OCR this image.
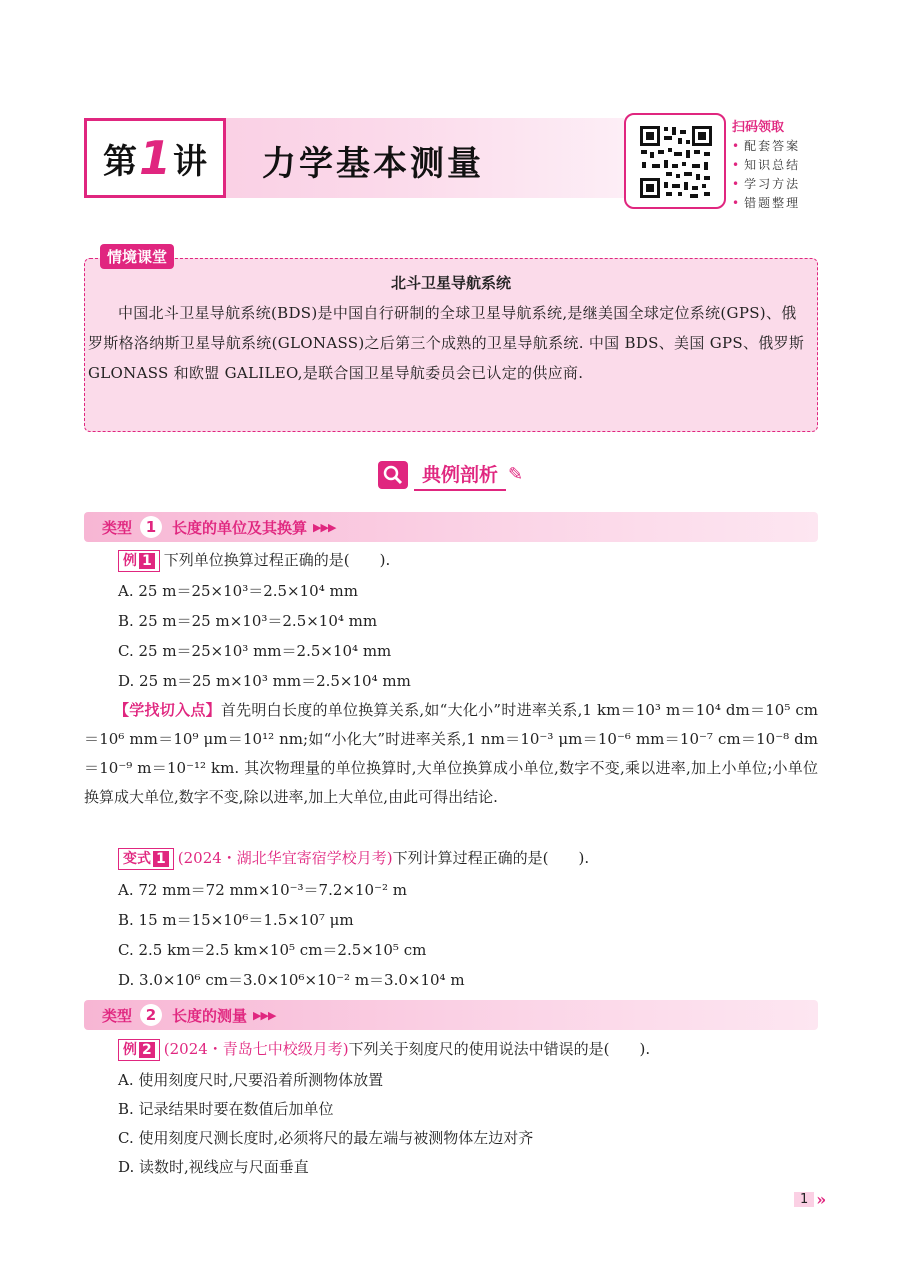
第 1 讲 力学基本测量
扫码领取
• 配套答案
• 知识总结
• 学习方法
• 错题整理
情境课堂
北斗卫星导航系统
中国北斗卫星导航系统(BDS)是中国自行研制的全球卫星导航系统,是继美国全球定位系统(GPS)、俄罗斯格洛纳斯卫星导航系统(GLONASS)之后第三个成熟的卫星导航系统. 中国 BDS、美国 GPS、俄罗斯 GLONASS 和欧盟 GALILEO,是联合国卫星导航委员会已认定的供应商.
典例剖析 ✎
类型 1	长度的单位及其换算 ▶▶▶
例 1 下列单位换算过程正确的是(　　).
A. 25 m＝25×10³＝2.5×10⁴ mm
B. 25 m＝25 m×10³＝2.5×10⁴ mm
C. 25 m＝25×10³ mm＝2.5×10⁴ mm
D. 25 m＝25 m×10³ mm＝2.5×10⁴ mm
【学找切入点】首先明白长度的单位换算关系,如“大化小”时进率关系,1 km＝10³ m＝10⁴ dm＝10⁵ cm＝10⁶ mm＝10⁹ μm＝10¹² nm;如“小化大”时进率关系,1 nm＝10⁻³ μm＝10⁻⁶ mm＝10⁻⁷ cm＝10⁻⁸ dm＝10⁻⁹ m＝10⁻¹² km. 其次物理量的单位换算时,大单位换算成小单位,数字不变,乘以进率,加上小单位;小单位换算成大单位,数字不变,除以进率,加上大单位,由此可得出结论.
变式 1 (2024・湖北华宜寄宿学校月考)下列计算过程正确的是(　　).
A. 72 mm＝72 mm×10⁻³＝7.2×10⁻² m
B. 15 m＝15×10⁶＝1.5×10⁷ μm
C. 2.5 km＝2.5 km×10⁵ cm＝2.5×10⁵ cm
D. 3.0×10⁶ cm＝3.0×10⁶×10⁻² m＝3.0×10⁴ m
类型 2	长度的测量 ▶▶▶
例 2 (2024・青岛七中校级月考)下列关于刻度尺的使用说法中错误的是(　　).
A. 使用刻度尺时,尺要沿着所测物体放置
B. 记录结果时要在数值后加单位
C. 使用刻度尺测长度时,必须将尺的最左端与被测物体左边对齐
D. 读数时,视线应与尺面垂直
1 »
